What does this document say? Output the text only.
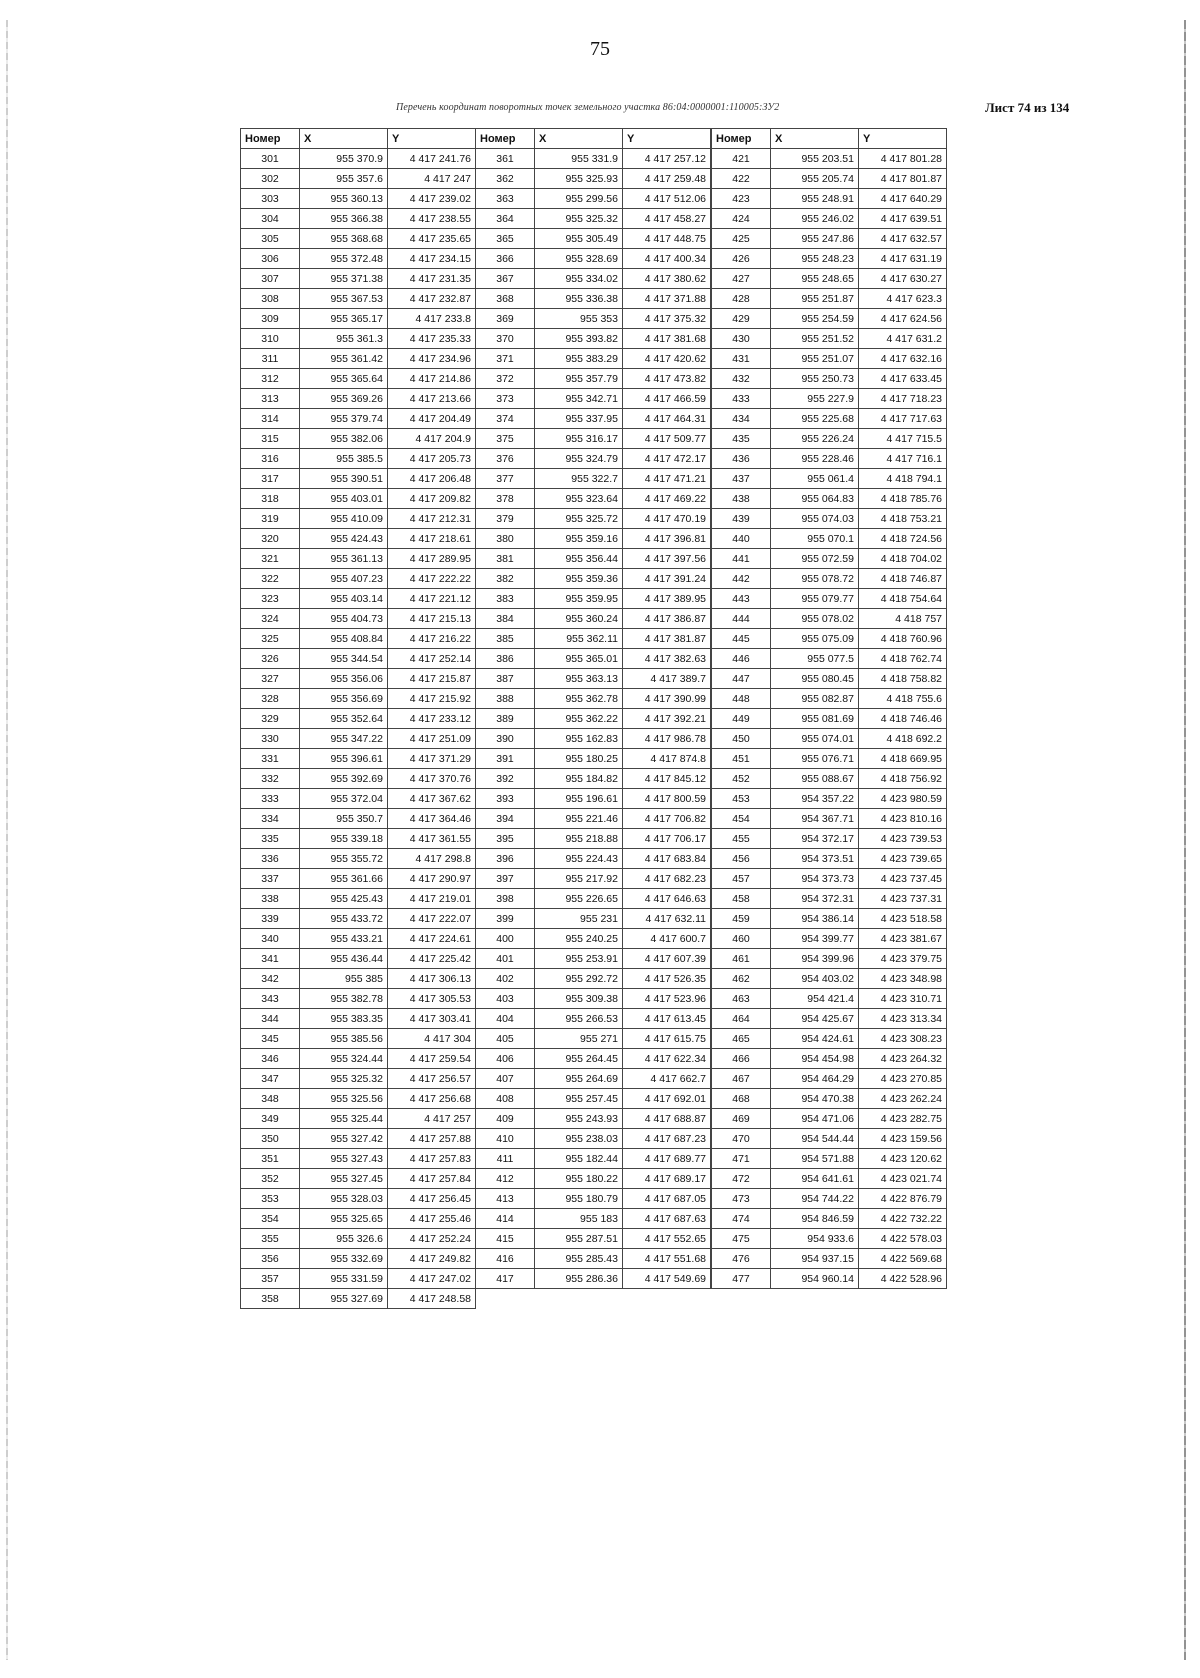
75
Перечень координат поворотных точек земельного участка 86:04:0000001:110005:ЗУ2	Лист 74 из 134
Номер	X	Y
301	955 370.9	4 417 241.76
302	955 357.6	4 417 247
303	955 360.13	4 417 239.02
304	955 366.38	4 417 238.55
305	955 368.68	4 417 235.65
306	955 372.48	4 417 234.15
307	955 371.38	4 417 231.35
308	955 367.53	4 417 232.87
309	955 365.17	4 417 233.8
310	955 361.3	4 417 235.33
311	955 361.42	4 417 234.96
312	955 365.64	4 417 214.86
313	955 369.26	4 417 213.66
314	955 379.74	4 417 204.49
315	955 382.06	4 417 204.9
316	955 385.5	4 417 205.73
317	955 390.51	4 417 206.48
318	955 403.01	4 417 209.82
319	955 410.09	4 417 212.31
320	955 424.43	4 417 218.61
321	955 361.13	4 417 289.95
322	955 407.23	4 417 222.22
323	955 403.14	4 417 221.12
324	955 404.73	4 417 215.13
325	955 408.84	4 417 216.22
326	955 344.54	4 417 252.14
327	955 356.06	4 417 215.87
328	955 356.69	4 417 215.92
329	955 352.64	4 417 233.12
330	955 347.22	4 417 251.09
331	955 396.61	4 417 371.29
332	955 392.69	4 417 370.76
333	955 372.04	4 417 367.62
334	955 350.7	4 417 364.46
335	955 339.18	4 417 361.55
336	955 355.72	4 417 298.8
337	955 361.66	4 417 290.97
338	955 425.43	4 417 219.01
339	955 433.72	4 417 222.07
340	955 433.21	4 417 224.61
341	955 436.44	4 417 225.42
342	955 385	4 417 306.13
343	955 382.78	4 417 305.53
344	955 383.35	4 417 303.41
345	955 385.56	4 417 304
346	955 324.44	4 417 259.54
347	955 325.32	4 417 256.57
348	955 325.56	4 417 256.68
349	955 325.44	4 417 257
350	955 327.42	4 417 257.88
351	955 327.43	4 417 257.83
352	955 327.45	4 417 257.84
353	955 328.03	4 417 256.45
354	955 325.65	4 417 255.46
355	955 326.6	4 417 252.24
356	955 332.69	4 417 249.82
357	955 331.59	4 417 247.02
358	955 327.69	4 417 248.58
Номер	X	Y
361	955 331.9	4 417 257.12
362	955 325.93	4 417 259.48
363	955 299.56	4 417 512.06
364	955 325.32	4 417 458.27
365	955 305.49	4 417 448.75
366	955 328.69	4 417 400.34
367	955 334.02	4 417 380.62
368	955 336.38	4 417 371.88
369	955 353	4 417 375.32
370	955 393.82	4 417 381.68
371	955 383.29	4 417 420.62
372	955 357.79	4 417 473.82
373	955 342.71	4 417 466.59
374	955 337.95	4 417 464.31
375	955 316.17	4 417 509.77
376	955 324.79	4 417 472.17
377	955 322.7	4 417 471.21
378	955 323.64	4 417 469.22
379	955 325.72	4 417 470.19
380	955 359.16	4 417 396.81
381	955 356.44	4 417 397.56
382	955 359.36	4 417 391.24
383	955 359.95	4 417 389.95
384	955 360.24	4 417 386.87
385	955 362.11	4 417 381.87
386	955 365.01	4 417 382.63
387	955 363.13	4 417 389.7
388	955 362.78	4 417 390.99
389	955 362.22	4 417 392.21
390	955 162.83	4 417 986.78
391	955 180.25	4 417 874.8
392	955 184.82	4 417 845.12
393	955 196.61	4 417 800.59
394	955 221.46	4 417 706.82
395	955 218.88	4 417 706.17
396	955 224.43	4 417 683.84
397	955 217.92	4 417 682.23
398	955 226.65	4 417 646.63
399	955 231	4 417 632.11
400	955 240.25	4 417 600.7
401	955 253.91	4 417 607.39
402	955 292.72	4 417 526.35
403	955 309.38	4 417 523.96
404	955 266.53	4 417 613.45
405	955 271	4 417 615.75
406	955 264.45	4 417 622.34
407	955 264.69	4 417 662.7
408	955 257.45	4 417 692.01
409	955 243.93	4 417 688.87
410	955 238.03	4 417 687.23
411	955 182.44	4 417 689.77
412	955 180.22	4 417 689.17
413	955 180.79	4 417 687.05
414	955 183	4 417 687.63
415	955 287.51	4 417 552.65
416	955 285.43	4 417 551.68
417	955 286.36	4 417 549.69
Номер	X	Y
421	955 203.51	4 417 801.28
422	955 205.74	4 417 801.87
423	955 248.91	4 417 640.29
424	955 246.02	4 417 639.51
425	955 247.86	4 417 632.57
426	955 248.23	4 417 631.19
427	955 248.65	4 417 630.27
428	955 251.87	4 417 623.3
429	955 254.59	4 417 624.56
430	955 251.52	4 417 631.2
431	955 251.07	4 417 632.16
432	955 250.73	4 417 633.45
433	955 227.9	4 417 718.23
434	955 225.68	4 417 717.63
435	955 226.24	4 417 715.5
436	955 228.46	4 417 716.1
437	955 061.4	4 418 794.1
438	955 064.83	4 418 785.76
439	955 074.03	4 418 753.21
440	955 070.1	4 418 724.56
441	955 072.59	4 418 704.02
442	955 078.72	4 418 746.87
443	955 079.77	4 418 754.64
444	955 078.02	4 418 757
445	955 075.09	4 418 760.96
446	955 077.5	4 418 762.74
447	955 080.45	4 418 758.82
448	955 082.87	4 418 755.6
449	955 081.69	4 418 746.46
450	955 074.01	4 418 692.2
451	955 076.71	4 418 669.95
452	955 088.67	4 418 756.92
453	954 357.22	4 423 980.59
454	954 367.71	4 423 810.16
455	954 372.17	4 423 739.53
456	954 373.51	4 423 739.65
457	954 373.73	4 423 737.45
458	954 372.31	4 423 737.31
459	954 386.14	4 423 518.58
460	954 399.77	4 423 381.67
461	954 399.96	4 423 379.75
462	954 403.02	4 423 348.98
463	954 421.4	4 423 310.71
464	954 425.67	4 423 313.34
465	954 424.61	4 423 308.23
466	954 454.98	4 423 264.32
467	954 464.29	4 423 270.85
468	954 470.38	4 423 262.24
469	954 471.06	4 423 282.75
470	954 544.44	4 423 159.56
471	954 571.88	4 423 120.62
472	954 641.61	4 423 021.74
473	954 744.22	4 422 876.79
474	954 846.59	4 422 732.22
475	954 933.6	4 422 578.03
476	954 937.15	4 422 569.68
477	954 960.14	4 422 528.96
